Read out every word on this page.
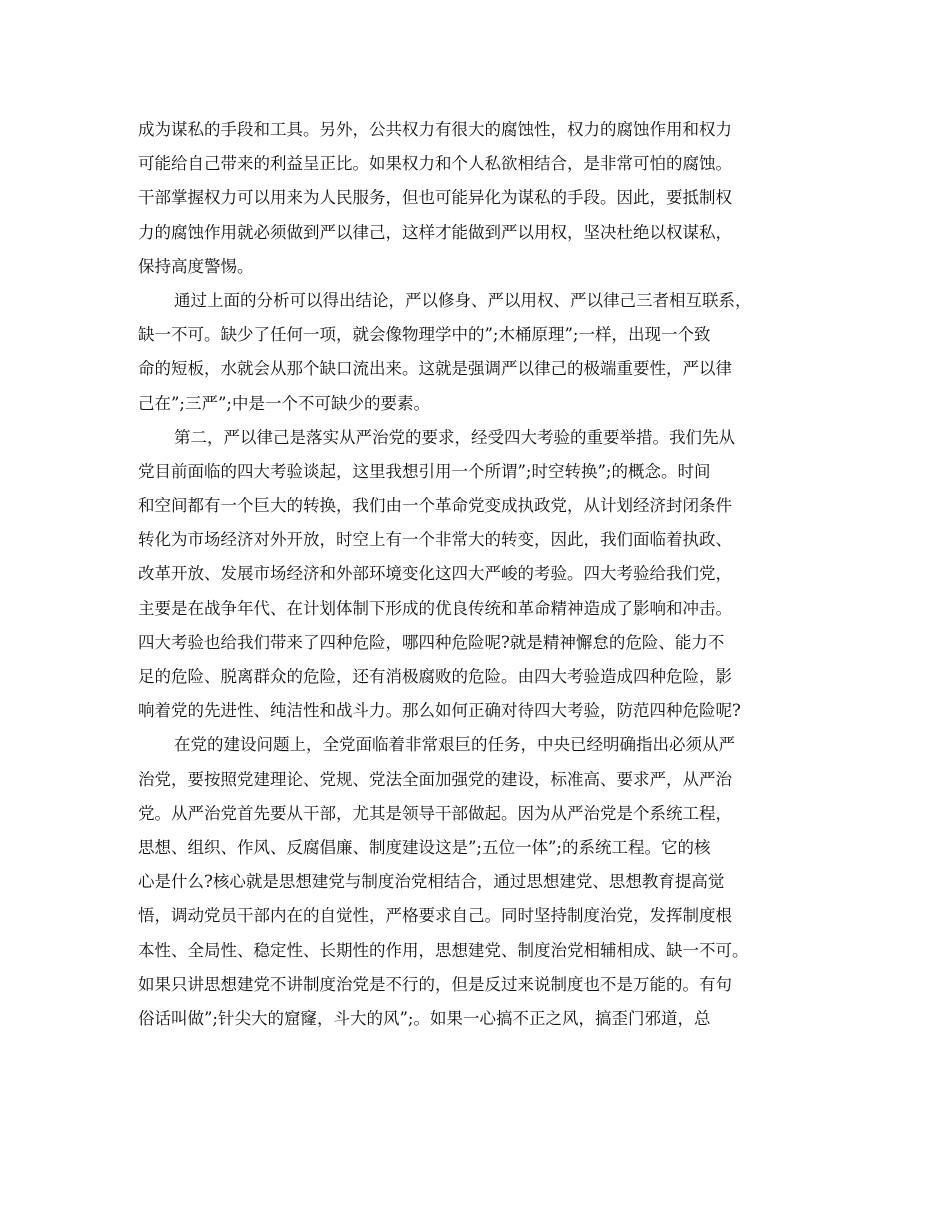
成为谋私的手段和工具。另外，公共权力有很大的腐蚀性，权力的腐蚀作用和权力
可能给自己带来的利益呈正比。如果权力和个人私欲相结合，是非常可怕的腐蚀。
干部掌握权力可以用来为人民服务，但也可能异化为谋私的手段。因此，要抵制权
力的腐蚀作用就必须做到严以律己，这样才能做到严以用权，坚决杜绝以权谋私，
保持高度警惕。
通过上面的分析可以得出结论，严以修身、严以用权、严以律己三者相互联系，
缺一不可。缺少了任何一项，就会像物理学中的”;木桶原理”;一样，出现一个致
命的短板，水就会从那个缺口流出来。这就是强调严以律己的极端重要性，严以律
己在”;三严”;中是一个不可缺少的要素。
第二，严以律己是落实从严治党的要求，经受四大考验的重要举措。我们先从
党目前面临的四大考验谈起，这里我想引用一个所谓”;时空转换”;的概念。时间
和空间都有一个巨大的转换，我们由一个革命党变成执政党，从计划经济封闭条件
转化为市场经济对外开放，时空上有一个非常大的转变，因此，我们面临着执政、
改革开放、发展市场经济和外部环境变化这四大严峻的考验。四大考验给我们党，
主要是在战争年代、在计划体制下形成的优良传统和革命精神造成了影响和冲击。
四大考验也给我们带来了四种危险，哪四种危险呢?就是精神懈怠的危险、能力不
足的危险、脱离群众的危险，还有消极腐败的危险。由四大考验造成四种危险，影
响着党的先进性、纯洁性和战斗力。那么如何正确对待四大考验，防范四种危险呢?
在党的建设问题上，全党面临着非常艰巨的任务，中央已经明确指出必须从严
治党，要按照党建理论、党规、党法全面加强党的建设，标准高、要求严，从严治
党。从严治党首先要从干部，尤其是领导干部做起。因为从严治党是个系统工程，
思想、组织、作风、反腐倡廉、制度建设这是”;五位一体”;的系统工程。它的核
心是什么?核心就是思想建党与制度治党相结合，通过思想建党、思想教育提高觉
悟，调动党员干部内在的自觉性，严格要求自己。同时坚持制度治党，发挥制度根
本性、全局性、稳定性、长期性的作用，思想建党、制度治党相辅相成、缺一不可。
如果只讲思想建党不讲制度治党是不行的，但是反过来说制度也不是万能的。有句
俗话叫做”;针尖大的窟窿，斗大的风”;。如果一心搞不正之风，搞歪门邪道，总
